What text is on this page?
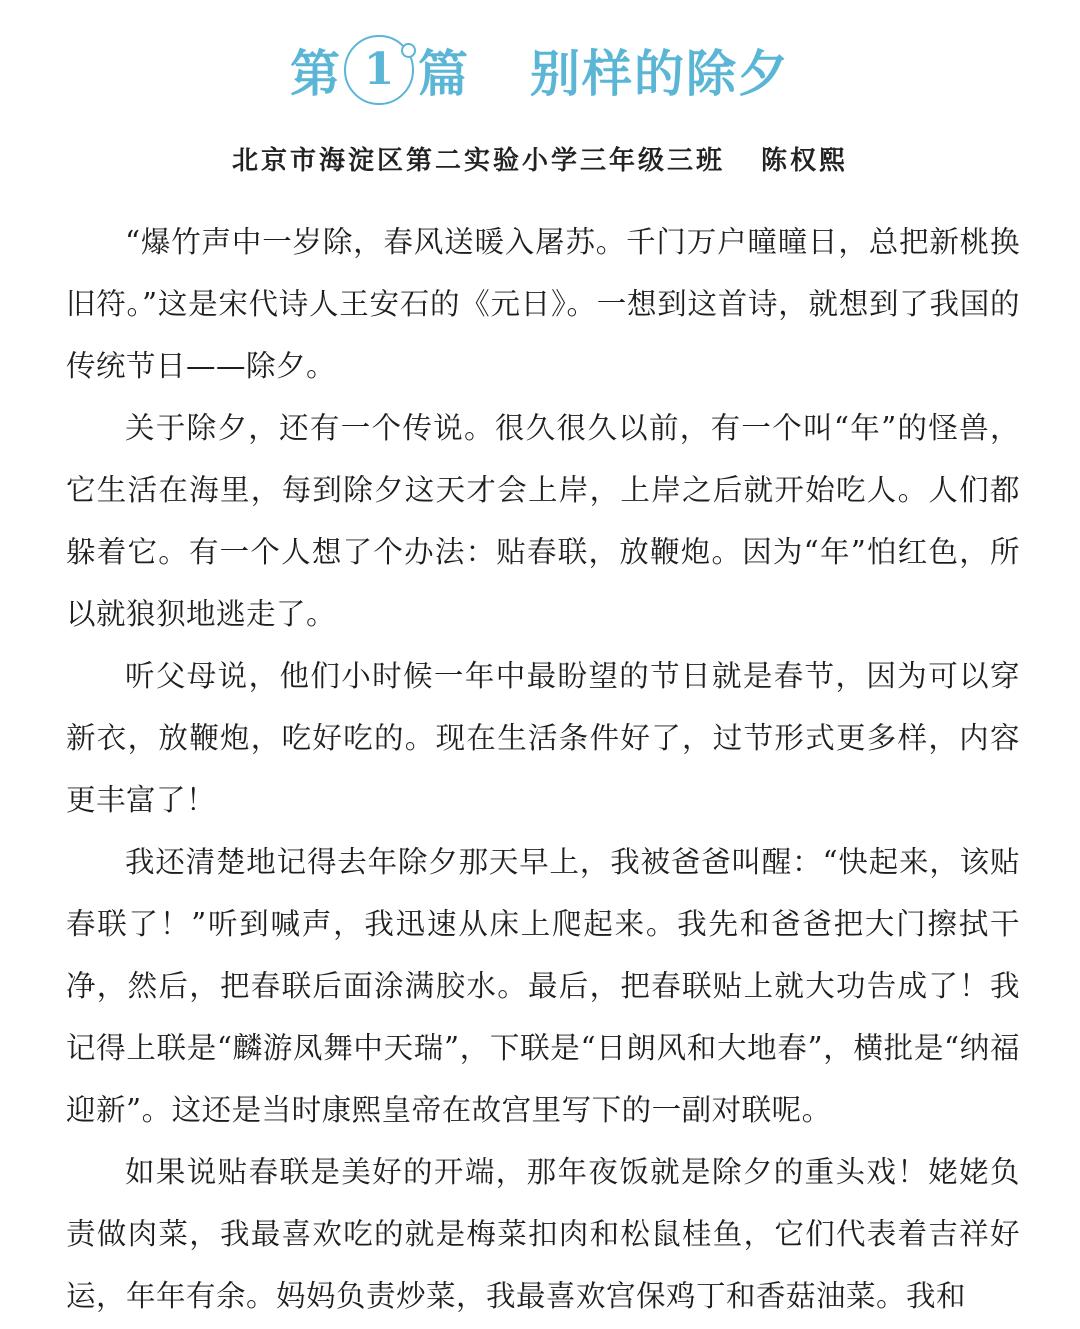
第 1 篇 别样的除夕
北京市海淀区第二实验小学三年级三班 陈权熙

“爆竹声中一岁除，春风送暖入屠苏。千门万户曈曈日，总把新桃换旧符。”这是宋代诗人王安石的《元日》。一想到这首诗，就想到了我国的传统节日——除夕。

关于除夕，还有一个传说。很久很久以前，有一个叫“年”的怪兽，它生活在海里，每到除夕这天才会上岸，上岸之后就开始吃人。人们都躲着它。有一个人想了个办法：贴春联，放鞭炮。因为“年”怕红色，所以就狼狈地逃走了。

听父母说，他们小时候一年中最盼望的节日就是春节，因为可以穿新衣，放鞭炮，吃好吃的。现在生活条件好了，过节形式更多样，内容更丰富了！

我还清楚地记得去年除夕那天早上，我被爸爸叫醒：“快起来，该贴春联了！”听到喊声，我迅速从床上爬起来。我先和爸爸把大门擦拭干净，然后，把春联后面涂满胶水。最后，把春联贴上就大功告成了！我记得上联是“麟游凤舞中天瑞”，下联是“日朗风和大地春”，横批是“纳福迎新”。这还是当时康熙皇帝在故宫里写下的一副对联呢。

如果说贴春联是美好的开端，那年夜饭就是除夕的重头戏！姥姥负责做肉菜，我最喜欢吃的就是梅菜扣肉和松鼠桂鱼，它们代表着吉祥好运，年年有余。妈妈负责炒菜，我最喜欢宫保鸡丁和香菇油菜。我和
